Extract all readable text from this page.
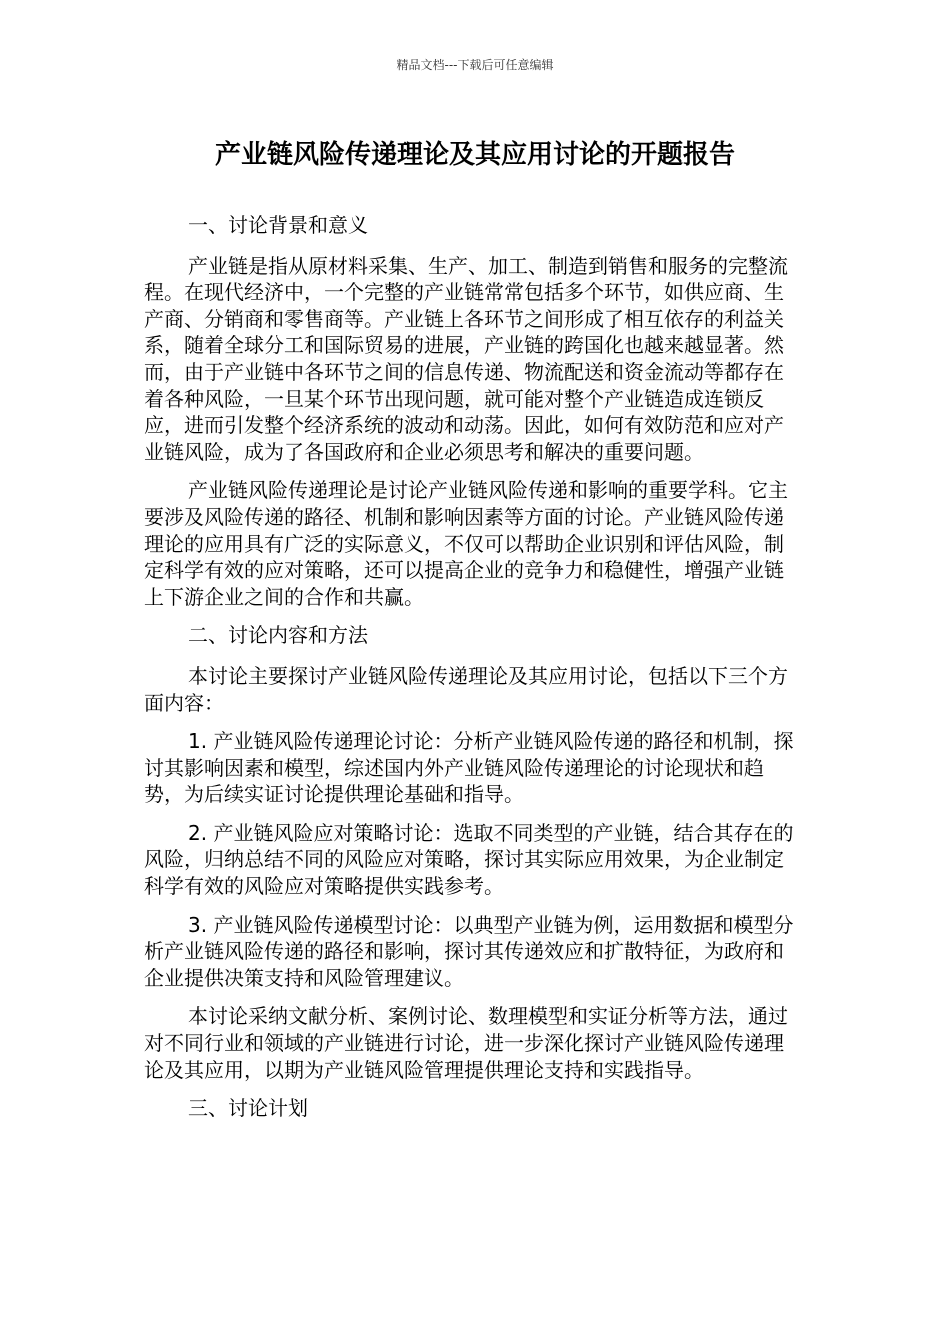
精品文档---下载后可任意编辑
产业链风险传递理论及其应用讨论的开题报告

一、讨论背景和意义

产业链是指从原材料采集、生产、加工、制造到销售和服务的完整流程。在现代经济中，一个完整的产业链常常包括多个环节，如供应商、生产商、分销商和零售商等。产业链上各环节之间形成了相互依存的利益关系，随着全球分工和国际贸易的进展，产业链的跨国化也越来越显著。然而，由于产业链中各环节之间的信息传递、物流配送和资金流动等都存在着各种风险，一旦某个环节出现问题，就可能对整个产业链造成连锁反应，进而引发整个经济系统的波动和动荡。因此，如何有效防范和应对产业链风险，成为了各国政府和企业必须思考和解决的重要问题。

产业链风险传递理论是讨论产业链风险传递和影响的重要学科。它主要涉及风险传递的路径、机制和影响因素等方面的讨论。产业链风险传递理论的应用具有广泛的实际意义，不仅可以帮助企业识别和评估风险，制定科学有效的应对策略，还可以提高企业的竞争力和稳健性，增强产业链上下游企业之间的合作和共赢。

二、讨论内容和方法

本讨论主要探讨产业链风险传递理论及其应用讨论，包括以下三个方面内容：

1. 产业链风险传递理论讨论：分析产业链风险传递的路径和机制，探讨其影响因素和模型，综述国内外产业链风险传递理论的讨论现状和趋势，为后续实证讨论提供理论基础和指导。

2. 产业链风险应对策略讨论：选取不同类型的产业链，结合其存在的风险，归纳总结不同的风险应对策略，探讨其实际应用效果，为企业制定科学有效的风险应对策略提供实践参考。

3. 产业链风险传递模型讨论：以典型产业链为例，运用数据和模型分析产业链风险传递的路径和影响，探讨其传递效应和扩散特征，为政府和企业提供决策支持和风险管理建议。

本讨论采纳文献分析、案例讨论、数理模型和实证分析等方法，通过对不同行业和领域的产业链进行讨论，进一步深化探讨产业链风险传递理论及其应用，以期为产业链风险管理提供理论支持和实践指导。

三、讨论计划
